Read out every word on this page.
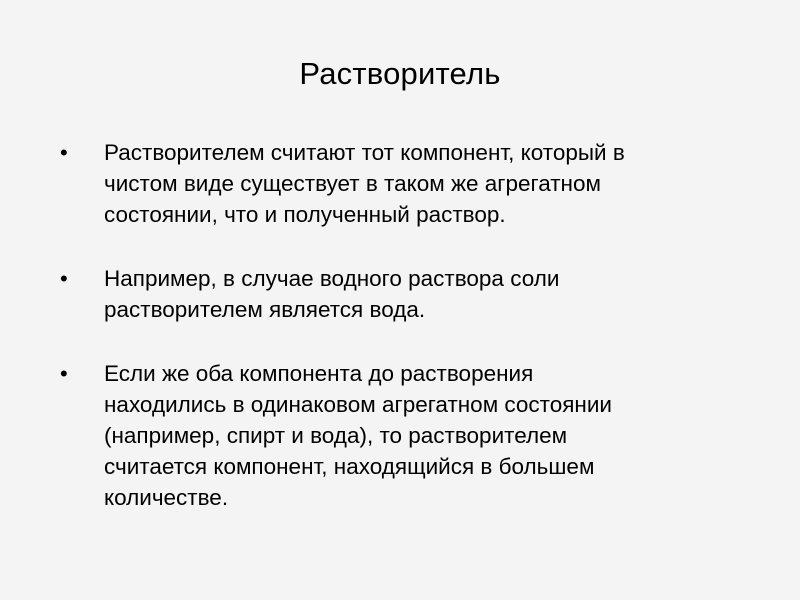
Растворитель
•	Растворителем считают тот компонент, который в
чистом виде существует в таком же агрегатном
состоянии, что и полученный раствор.
•	Например, в случае водного раствора соли
растворителем является вода.
•	Если же оба компонента до растворения
находились в одинаковом агрегатном состоянии
(например, спирт и вода), то растворителем
считается компонент, находящийся в большем
количестве.
